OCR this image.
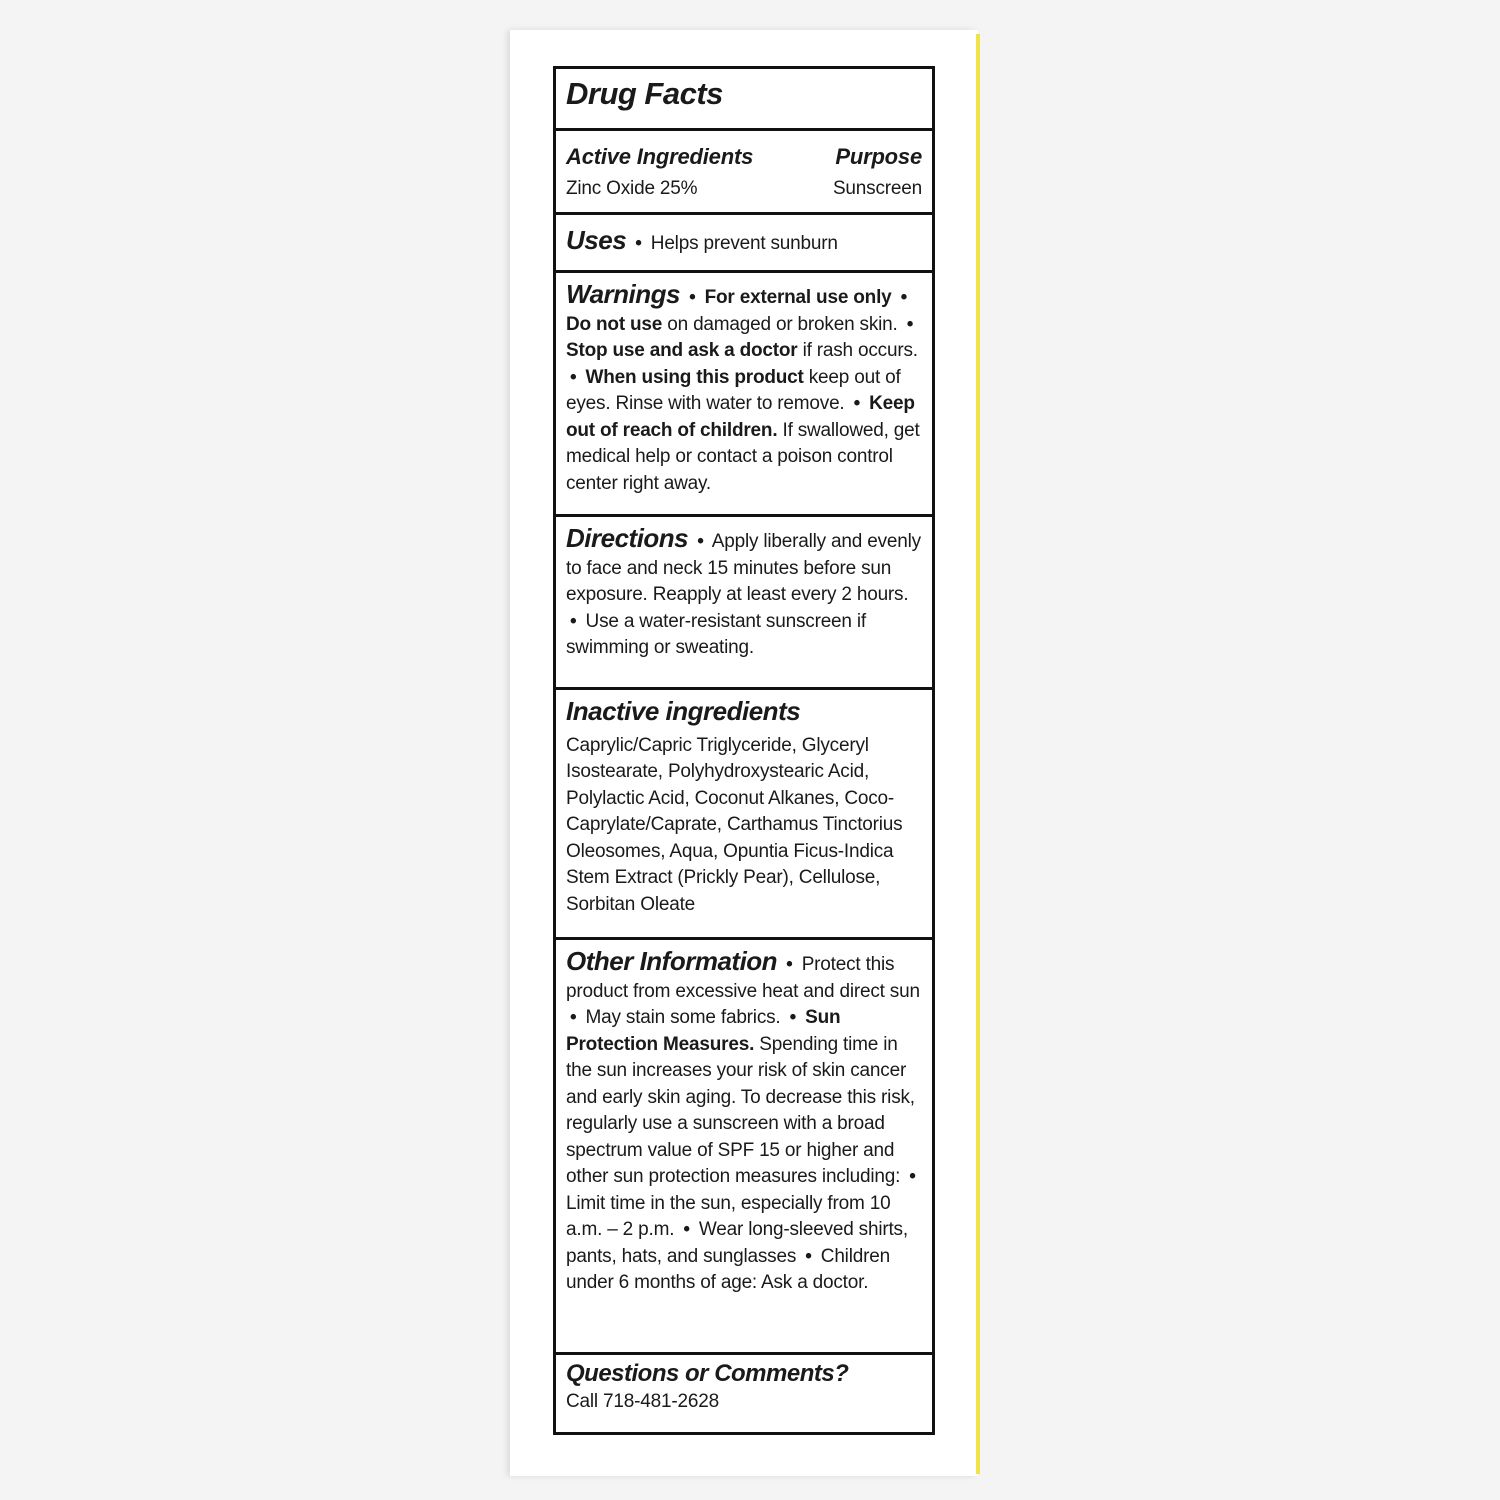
Drug Facts
Active Ingredients	Purpose
Zinc Oxide 25%	Sunscreen
Uses • Helps prevent sunburn
Warnings • For external use only • Do not use on damaged or broken skin. • Stop use and ask a doctor if rash occurs. • When using this product keep out of eyes. Rinse with water to remove. • Keep out of reach of children. If swallowed, get medical help or contact a poison control center right away.
Directions • Apply liberally and evenly to face and neck 15 minutes before sun exposure. Reapply at least every 2 hours. • Use a water-resistant sunscreen if swimming or sweating.
Inactive ingredients
Caprylic/Capric Triglyceride, Glyceryl Isostearate, Polyhydroxystearic Acid, Polylactic Acid, Coconut Alkanes, Coco-Caprylate/Caprate, Carthamus Tinctorius Oleosomes, Aqua, Opuntia Ficus-Indica Stem Extract (Prickly Pear), Cellulose, Sorbitan Oleate
Other Information • Protect this product from excessive heat and direct sun • May stain some fabrics. • Sun Protection Measures. Spending time in the sun increases your risk of skin cancer and early skin aging. To decrease this risk, regularly use a sunscreen with a broad spectrum value of SPF 15 or higher and other sun protection measures including: • Limit time in the sun, especially from 10 a.m. – 2 p.m. • Wear long-sleeved shirts, pants, hats, and sunglasses • Children under 6 months of age: Ask a doctor.
Questions or Comments?
Call 718-481-2628
